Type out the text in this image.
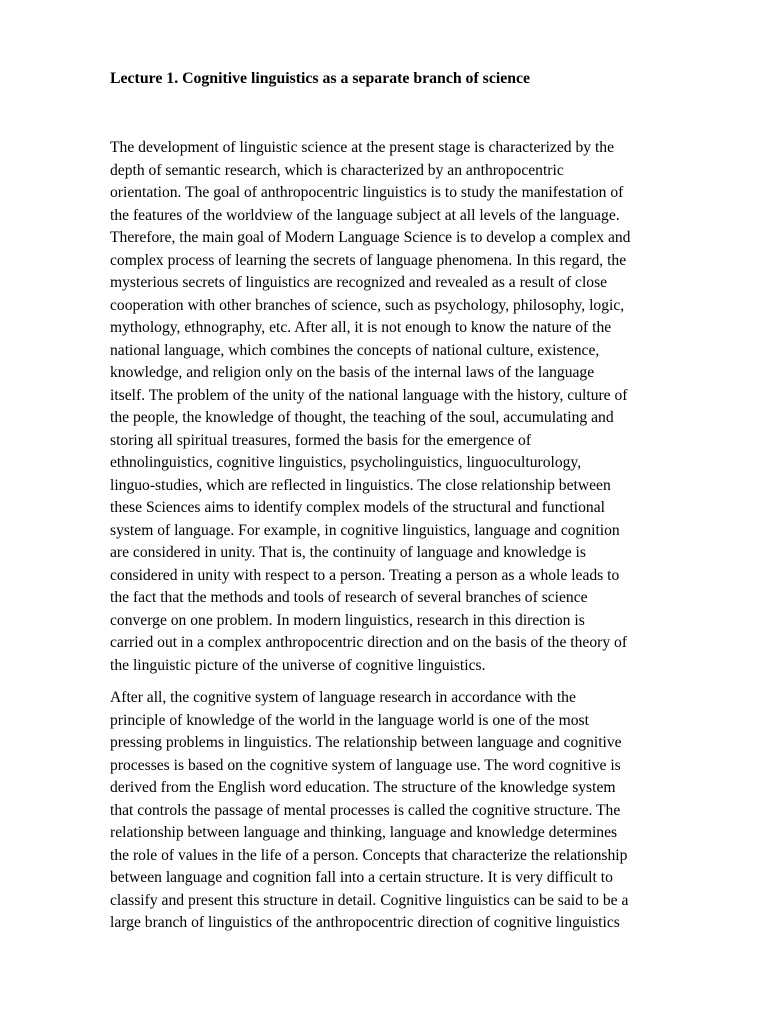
Lecture 1. Cognitive linguistics as a separate branch of science
The development of linguistic science at the present stage is characterized by the
depth of semantic research, which is characterized by an anthropocentric
orientation. The goal of anthropocentric linguistics is to study the manifestation of
the features of the worldview of the language subject at all levels of the language.
Therefore, the main goal of Modern Language Science is to develop a complex and
complex process of learning the secrets of language phenomena. In this regard, the
mysterious secrets of linguistics are recognized and revealed as a result of close
cooperation with other branches of science, such as psychology, philosophy, logic,
mythology, ethnography, etc. After all, it is not enough to know the nature of the
national language, which combines the concepts of national culture, existence,
knowledge, and religion only on the basis of the internal laws of the language
itself. The problem of the unity of the national language with the history, culture of
the people, the knowledge of thought, the teaching of the soul, accumulating and
storing all spiritual treasures, formed the basis for the emergence of
ethnolinguistics, cognitive linguistics, psycholinguistics, linguoculturology,
linguo-studies, which are reflected in linguistics. The close relationship between
these Sciences aims to identify complex models of the structural and functional
system of language. For example, in cognitive linguistics, language and cognition
are considered in unity. That is, the continuity of language and knowledge is
considered in unity with respect to a person. Treating a person as a whole leads to
the fact that the methods and tools of research of several branches of science
converge on one problem. In modern linguistics, research in this direction is
carried out in a complex anthropocentric direction and on the basis of the theory of
the linguistic picture of the universe of cognitive linguistics.
After all, the cognitive system of language research in accordance with the
principle of knowledge of the world in the language world is one of the most
pressing problems in linguistics. The relationship between language and cognitive
processes is based on the cognitive system of language use. The word cognitive is
derived from the English word education. The structure of the knowledge system
that controls the passage of mental processes is called the cognitive structure. The
relationship between language and thinking, language and knowledge determines
the role of values in the life of a person. Concepts that characterize the relationship
between language and cognition fall into a certain structure. It is very difficult to
classify and present this structure in detail. Cognitive linguistics can be said to be a
large branch of linguistics of the anthropocentric direction of cognitive linguistics
